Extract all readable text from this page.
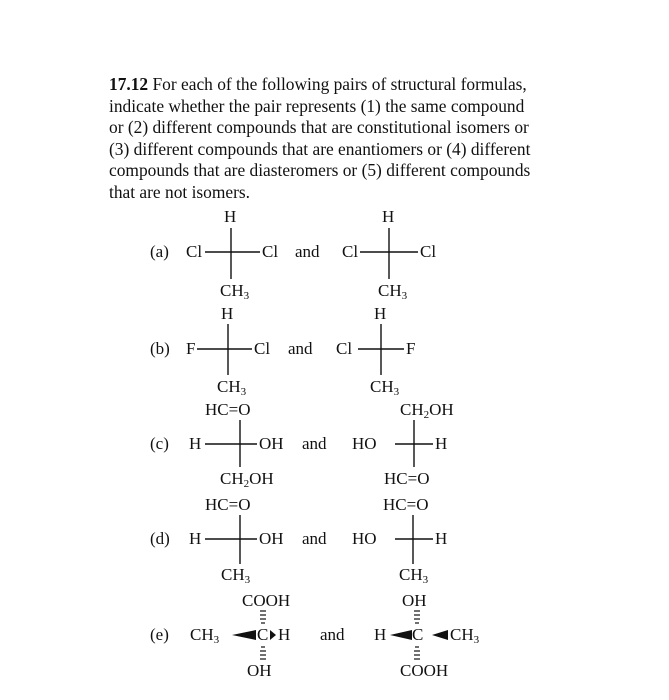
17.12 For each of the following pairs of structural formulas,
indicate whether the pair represents (1) the same compound
or (2) different compounds that are constitutional isomers or
(3) different compounds that are enantiomers or (4) different
compounds that are diasteromers or (5) different compounds
that are not isomers.
(a)
H
Cl	Cl
$CH_3$
and
H
Cl	Cl
$CH_3$
(b)
H
F	Cl
$CH_3$
and
H
Cl	F
$CH_3$
(c)
HC=O
H	OH
$CH_2OH$
and
$CH_2OH$
HO	H
HC=O
(d)
HC=O
H	OH
$CH_3$
and
HC=O
HO	H
$CH_3$
(e)
COOH
$CH_3$ C H
OH
and
OH
H C $CH_3$
COOH
